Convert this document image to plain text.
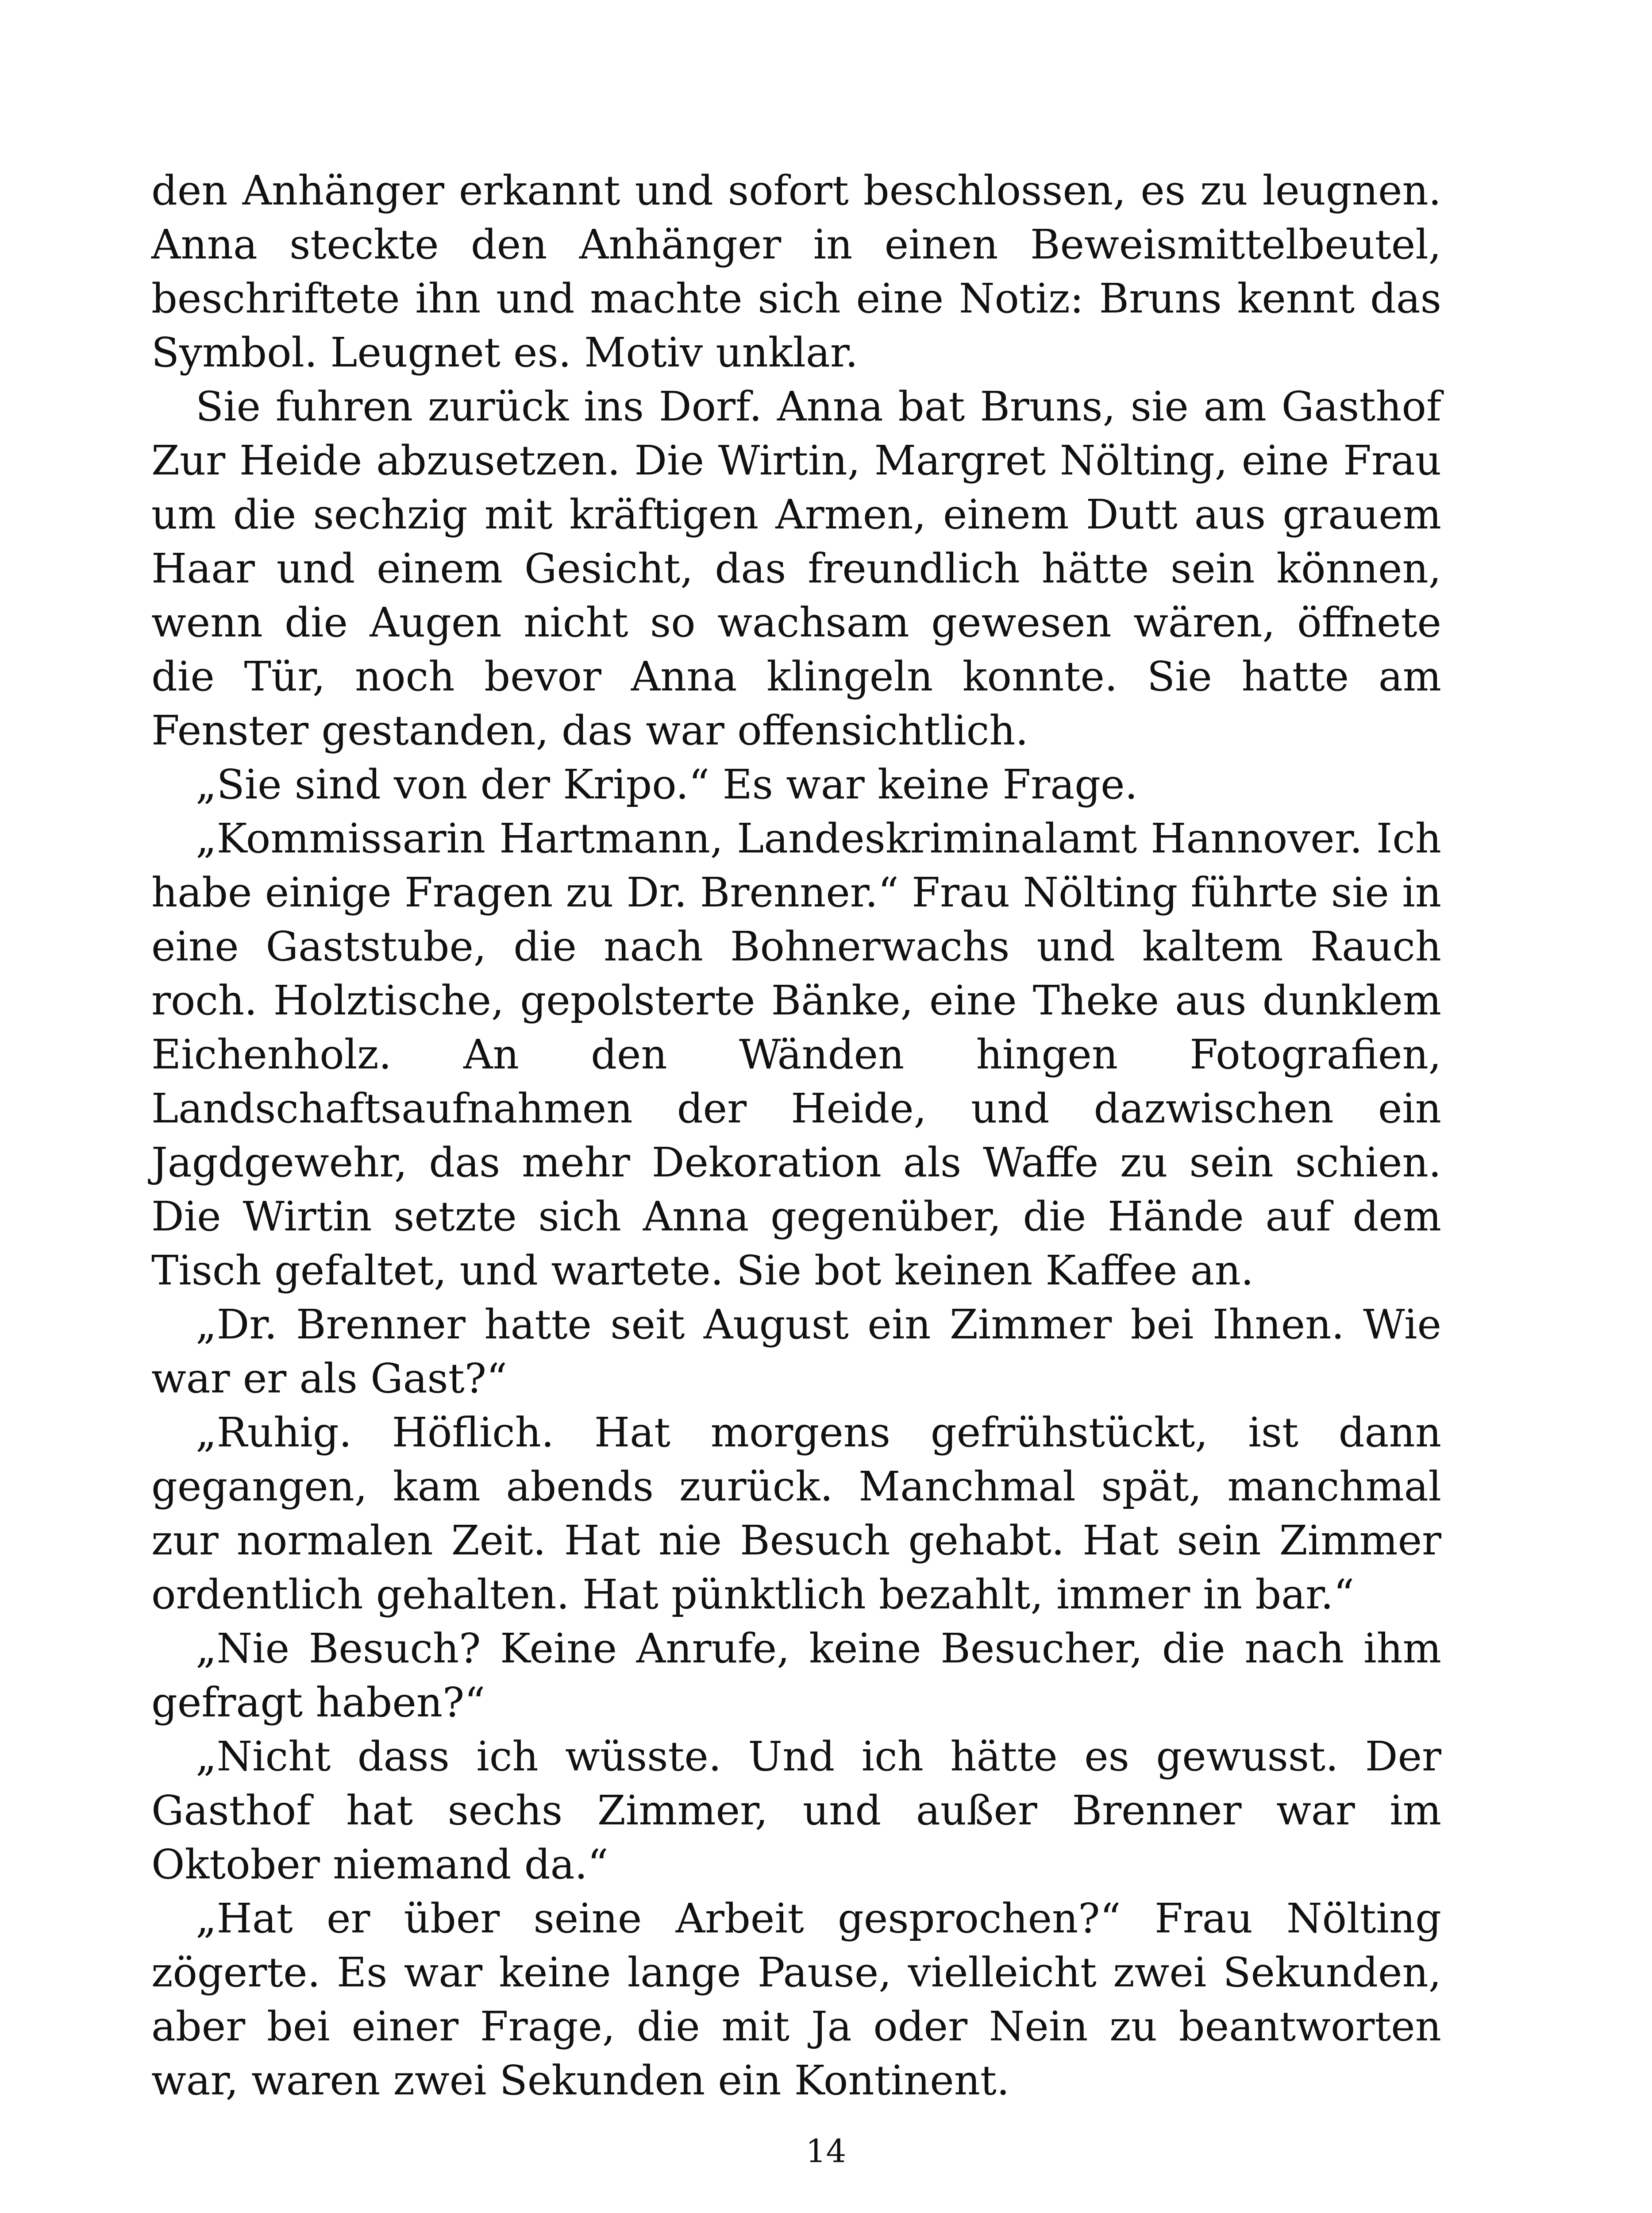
den Anhänger erkannt und sofort beschlossen, es zu leugnen. Anna steckte den Anhänger in einen Beweismittelbeutel, beschriftete ihn und machte sich eine Notiz: Bruns kennt das Symbol. Leugnet es. Motiv unklar.

Sie fuhren zurück ins Dorf. Anna bat Bruns, sie am Gasthof Zur Heide abzusetzen. Die Wirtin, Margret Nölting, eine Frau um die sechzig mit kräftigen Armen, einem Dutt aus grauem Haar und einem Gesicht, das freundlich hätte sein können, wenn die Augen nicht so wachsam gewesen wären, öffnete die Tür, noch bevor Anna klingeln konnte. Sie hatte am Fenster gestanden, das war offensichtlich.

„Sie sind von der Kripo.“ Es war keine Frage.

„Kommissarin Hartmann, Landeskriminalamt Hannover. Ich habe einige Fragen zu Dr. Brenner.“ Frau Nölting führte sie in eine Gaststube, die nach Bohnerwachs und kaltem Rauch roch. Holztische, gepolsterte Bänke, eine Theke aus dunklem Eichenholz. An den Wänden hingen Fotografien, Landschaftsaufnahmen der Heide, und dazwischen ein Jagdgewehr, das mehr Dekoration als Waffe zu sein schien. Die Wirtin setzte sich Anna gegenüber, die Hände auf dem Tisch gefaltet, und wartete. Sie bot keinen Kaffee an.

„Dr. Brenner hatte seit August ein Zimmer bei Ihnen. Wie war er als Gast?“

„Ruhig. Höflich. Hat morgens gefrühstückt, ist dann gegangen, kam abends zurück. Manchmal spät, manchmal zur normalen Zeit. Hat nie Besuch gehabt. Hat sein Zimmer ordentlich gehalten. Hat pünktlich bezahlt, immer in bar.“

„Nie Besuch? Keine Anrufe, keine Besucher, die nach ihm gefragt haben?“

„Nicht dass ich wüsste. Und ich hätte es gewusst. Der Gasthof hat sechs Zimmer, und außer Brenner war im Oktober niemand da.“

„Hat er über seine Arbeit gesprochen?“ Frau Nölting zögerte. Es war keine lange Pause, vielleicht zwei Sekunden, aber bei einer Frage, die mit Ja oder Nein zu beantworten war, waren zwei Sekunden ein Kontinent.

14
